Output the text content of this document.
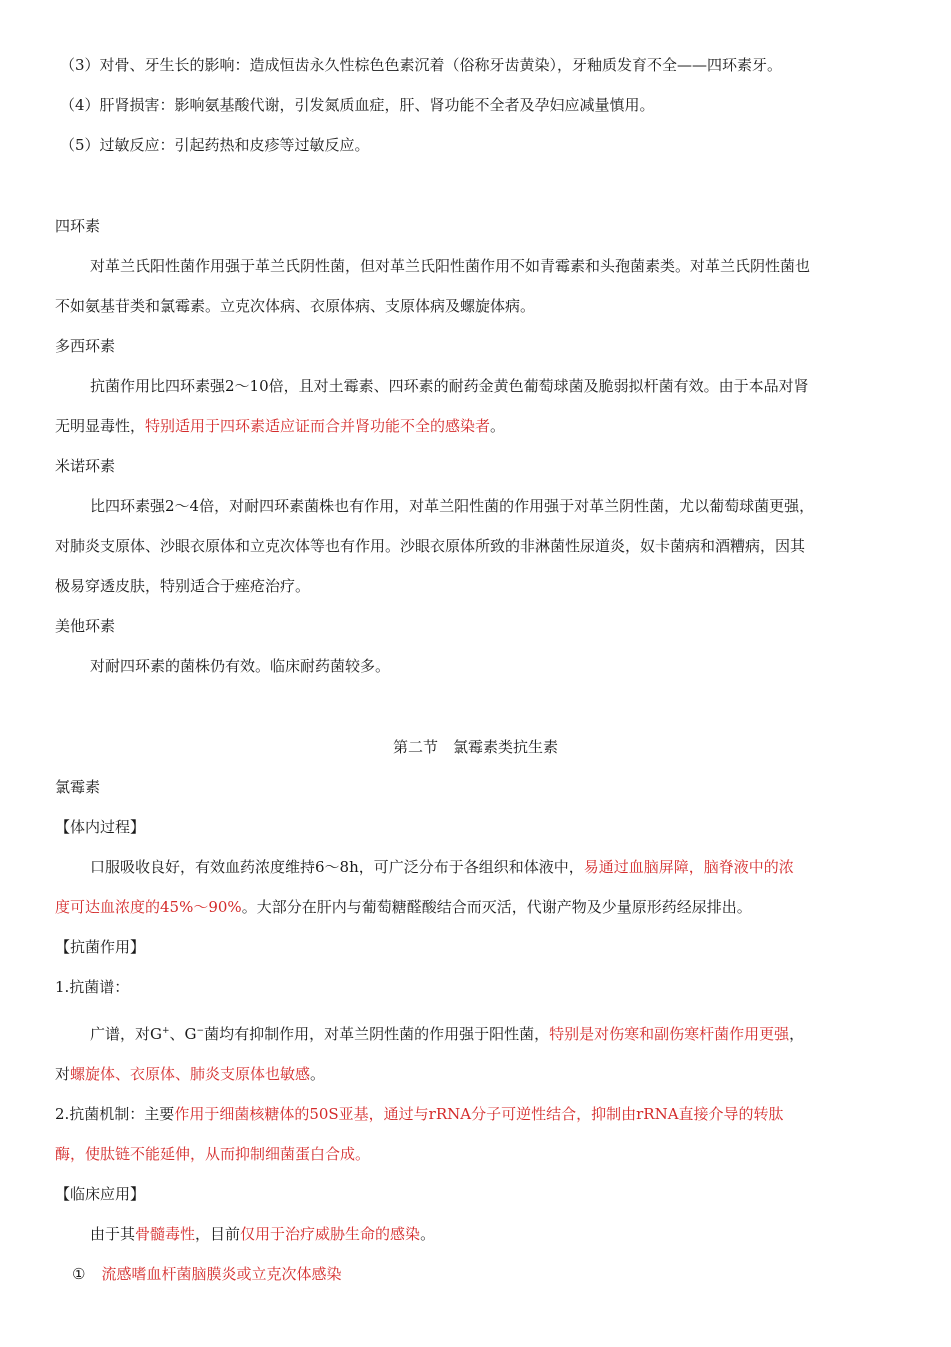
（3）对骨、牙生长的影响：造成恒齿永久性棕色色素沉着（俗称牙齿黄染），牙釉质发育不全——四环素牙。
（4）肝肾损害：影响氨基酸代谢，引发氮质血症，肝、肾功能不全者及孕妇应减量慎用。
（5）过敏反应：引起药热和皮疹等过敏反应。
四环素
对革兰氏阳性菌作用强于革兰氏阴性菌，但对革兰氏阳性菌作用不如青霉素和头孢菌素类。对革兰氏阴性菌也
不如氨基苷类和氯霉素。立克次体病、衣原体病、支原体病及螺旋体病。
多西环素
抗菌作用比四环素强2～10倍，且对土霉素、四环素的耐药金黄色葡萄球菌及脆弱拟杆菌有效。由于本品对肾
无明显毒性，特别适用于四环素适应证而合并肾功能不全的感染者。
米诺环素
比四环素强2～4倍，对耐四环素菌株也有作用，对革兰阳性菌的作用强于对革兰阴性菌，尤以葡萄球菌更强，
对肺炎支原体、沙眼衣原体和立克次体等也有作用。沙眼衣原体所致的非淋菌性尿道炎，奴卡菌病和酒糟病，因其
极易穿透皮肤，特别适合于痤疮治疗。
美他环素
对耐四环素的菌株仍有效。临床耐药菌较多。
第二节　氯霉素类抗生素
氯霉素
【体内过程】
口服吸收良好，有效血药浓度维持6～8h，可广泛分布于各组织和体液中，易通过血脑屏障，脑脊液中的浓
度可达血浓度的45%～90%。大部分在肝内与葡萄糖醛酸结合而灭活，代谢产物及少量原形药经尿排出。
【抗菌作用】
1.抗菌谱：
广谱，对G+、G−菌均有抑制作用，对革兰阴性菌的作用强于阳性菌，特别是对伤寒和副伤寒杆菌作用更强，
对螺旋体、衣原体、肺炎支原体也敏感。
2.抗菌机制：主要作用于细菌核糖体的50S亚基，通过与rRNA分子可逆性结合，抑制由rRNA直接介导的转肽
酶，使肽链不能延伸，从而抑制细菌蛋白合成。
【临床应用】
由于其骨髓毒性，目前仅用于治疗威胁生命的感染。
① 流感嗜血杆菌脑膜炎或立克次体感染
